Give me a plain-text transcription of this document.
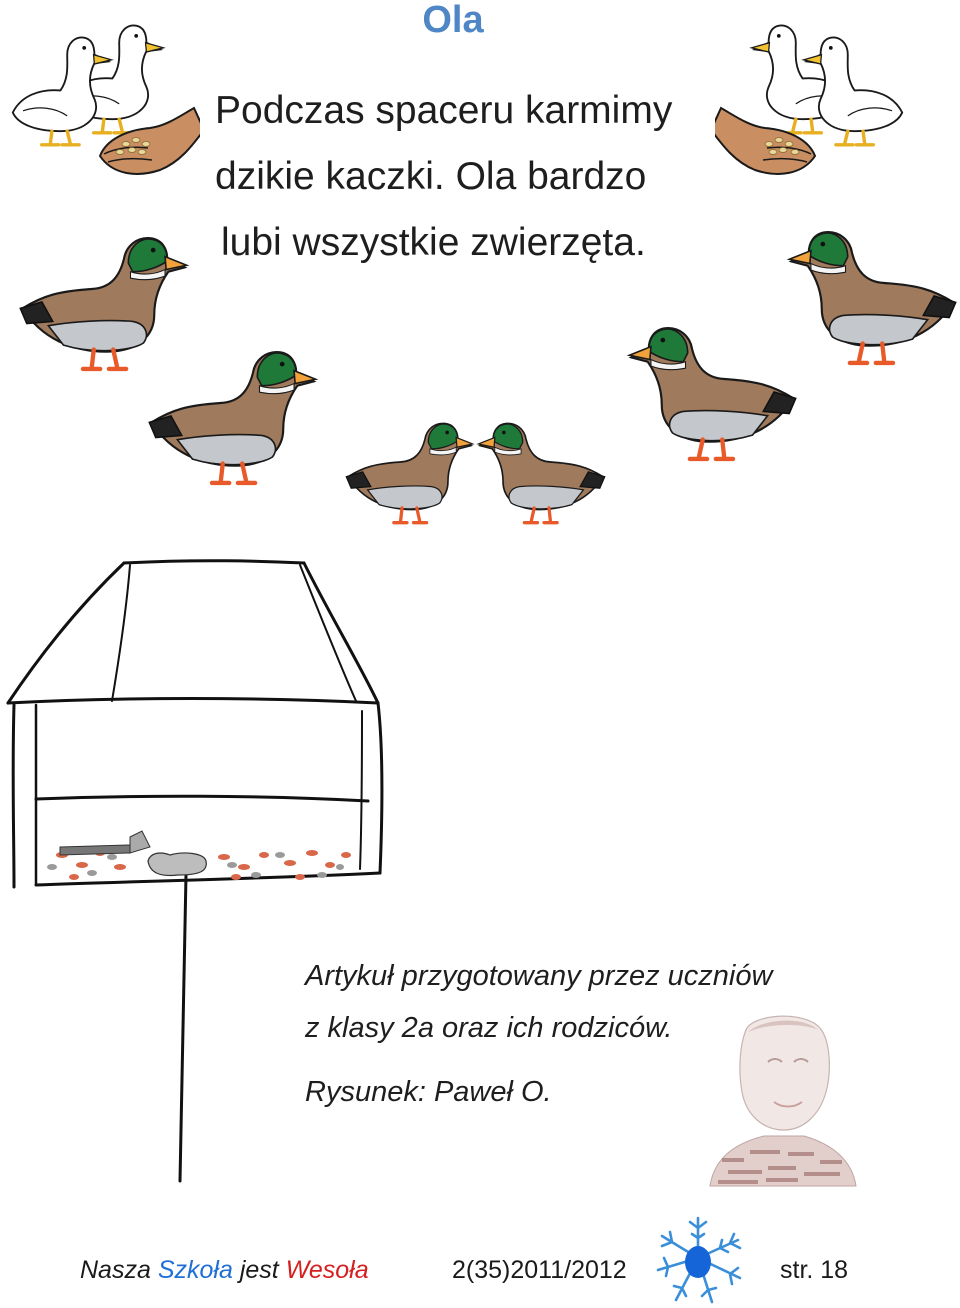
Ola
Podczas spaceru karmimy
dzikie kaczki. Ola bardzo
lubi wszystkie zwierzęta.
Artykuł przygotowany przez uczniów
z klasy 2a oraz ich rodziców.
Rysunek: Paweł O.
Nasza Szkoła jest Wesoła	2(35)2011/2012	str. 18
